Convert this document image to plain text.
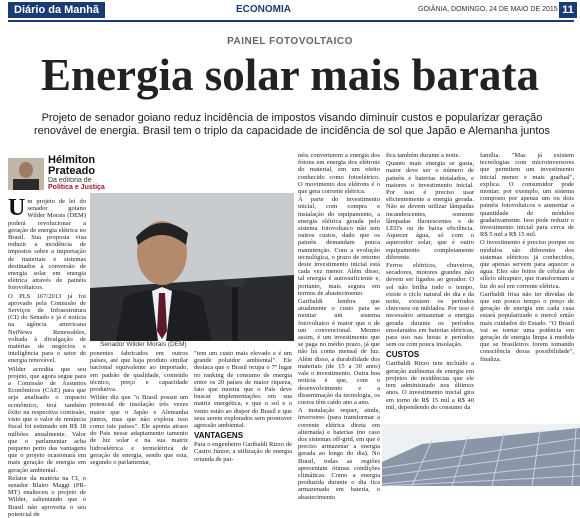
Diário da Manhã	ECONOMIA	GOIÂNIA, DOMINGO, 24 DE MAIO DE 2015 11
PAINEL FOTOVOLTAICO
Energia solar mais barata
Projeto de senador goiano reduz incidência de impostos visando diminuir custos e popularizar geração renovável de energia. Brasil tem o triplo da capacidade de incidência de sol que Japão e Alemanha juntos
Hélmiton
Prateado
Da editoria de
Política e Justiça

Um projeto de lei do senador goiano Wilder Morais (DEM) poderá revolucionar a geração de energia elétrica no Brasil. Sua proposta visa reduzir a incidência de impostos sobre a importação de materiais e sistemas destinados à conversão de energia solar em energia elétrica através de painéis fotovoltaicos.

O PLS 167/2013 já foi aprovado pela Comissão de Serviços de Infraestrutura (CI) do Senado e já é notícia na agência americana NetNews Renewables, voltada à divulgação de matérias de negócios e inteligência para o setor de energia renovável.

Wilder acredita que seu projeto, que agora segue para a Comissão de Assuntos Econômicos (CAE) para que seja analisado o impacto econômico, terá também êxito na respectiva comissão, visto que o valor de renúncia fiscal foi estimado em R$ 18 milhões anualmente. Valor que o parlamentar acha pequeno perto das vantagens que o projeto ocasionará em mais geração de energia em geração ambiental.

Relator da matéria na CI, o senador Blairo Maggi (PR-MT) enalteceu o projeto de Wilder, salientando que o Brasil não aproveita o seu potencial de

Senador Wilder Morais (DEM)

ponentes fabricados em outros países, até que haja produto similar nacional equivalente ao importado, em padrão de qualidade, conteúdo técnico, preço e capacidade produtiva.

Wilder diz que "o Brasil possui um potencial de insolação três vezes maior que o Japão e Alemanha juntos, mas que não explora isso como tais países". Ele aponta atraso do País nesse adaptamento tamento de luz solar e na sua matriz hidroelétrica e termelétrica de geração de energia, sendo que esta, segundo o parlamentar,

"tem um custo mais elevado e é um grande poluidor ambiental". Ele destaca que o Brasil ocupa o 7º lugar no ranking de consumo de energia entre os 20 países de maior riqueza, fato que mostra que o País deve buscar implementações em sua matriz energética, e que o sol e o vento estão ao dispor do Brasil e que seus serem explorados sem promover agressão ambiental.

VANTAGENS

Para o engenheiro Garibaldi Rizzo de Castro Júnior, a utilização de energia oriunda de pai-

néis converterem a energia dos fótons em energia dos elétrons do material, em um efeito conhecido como fotoelétrico. O movimento dos elétrons é o que gera corrente elétrica.

À parte do investimento inicial, com compra e instalação do equipamento, a energia elétrica gerada pelo sistema fotovoltaico não tem outros custos, dado que os painéis demandam pouca manutenção. Com a evolução tecnológica, o prazo de retorno deste investimento inicial está cada vez menor. Além disso, tal energia é autossuficiente e, portanto, mais segura em termos de abastecimento.

Garibaldi lembra que atualmente o custo para se montar um sistema fotovoltaico é maior que o de um convencional. Mesmo assim, é um investimento que se paga no médio prazo, já que não há conta mensal de luz. Além disso, a durabilidade dos materiais (de 15 a 30 anos) vale o investimento. Outra boa notícia é que, com o desenvolvimento e a disseminação da tecnologia, os custos têm caído ano a ano.

A instalação requer, ainda, inversores (para transformar a corrente elétrica direta em alternada) e baterias (no caso dos sistemas off-grid, em que é preciso armazenar a energia gerada ao longo do dia). No Brasil, todas as regiões apresentam ótimas condições climáticas. Como a energia produzida durante o dia fica armazenada em bateria, o abastecimento

fica também durante a noite.

Quanto mais energia se gasta, maior deve ser o número de painéis e baterias instalados, e maiores o investimento inicial. Por isso é preciso usar eficientemente a energia gerada. Não se devem utilizar lâmpadas incandescentes, somente lâmpadas fluorescentes e de LED's ou de baixa eficiência. Aquecer água, só com o aquecedor solar, que é outro equipamento completamente diferente.

Ferros elétricos, chuveiros, secadores, motores grandes não devem ser ligados ao gerador. O sol não brilha todo o tempo, existe o ciclo natural do dia e da noite, existem os períodos chuvosos ou nublados. Por isso é necessário armazenar a energia gerada durante os períodos ensolarados em baterias elétricas, para uso nas horas e períodos sem ou com pouca insolação.

CUSTOS

Garibaldi Rizzo tem incluído a geração autônoma de energia em projetos de residências que ele tem administrado nos últimos anos. O investimento inicial gira em torno de R$ 15 mil a R$ 40 mil, dependendo do consumo da

família. "Mas já existem tecnologias com microinversores que permitem um investimento inicial menor e mais gradual", explica. O consumidor pode montar, por exemplo, um sistema composto por apenas um ou dois painéis fotovoltaicos e aumentar a quantidade de módulos gradativamente. Isso pode reduzir o investimento inicial para cerca de R$ 5 mil a R$ 15 mil.

O investimento é preciso porque os módulos são diferentes dos sistemas elétricos já conhecidos, que apenas servem para aquecer a água. Eles são feitos de células de silício ultrapuro, que transformam a luz do sol em corrente elétrica.

Garibaldi frisa não ter dúvidas de que em pouco tempo o preço de geração de energia em cada casa estará popularizado e mercê então mais cuidados do Estado. "O Brasil vai se tornar uma potência em geração de energia limpa à medida que se brasileiros forem tomando consciência dessa possibilidade", finaliza.
